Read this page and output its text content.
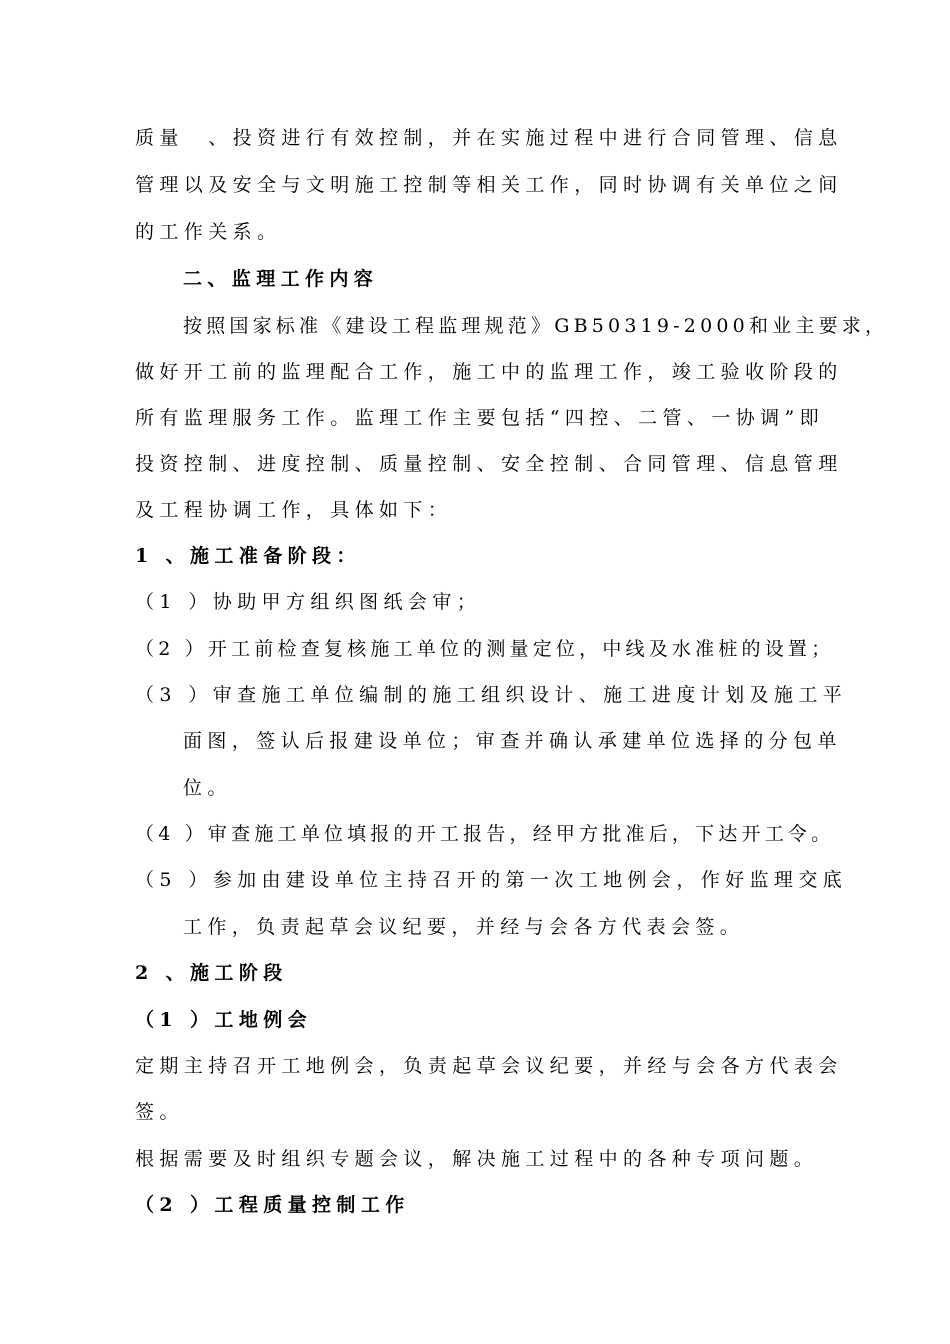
质量　、投资进行有效控制，并在实施过程中进行合同管理、信息
管理以及安全与文明施工控制等相关工作，同时协调有关单位之间
的工作关系。
二、监理工作内容
按照国家标准《建设工程监理规范》GB50319-2000和业主要求，
做好开工前的监理配合工作，施工中的监理工作，竣工验收阶段的
所有监理服务工作。监理工作主要包括“四控、二管、一协调”即
投资控制、进度控制、质量控制、安全控制、合同管理、信息管理
及工程协调工作，具体如下：
1 、施工准备阶段：
（1 ）协助甲方组织图纸会审；
（2 ）开工前检查复核施工单位的测量定位，中线及水准桩的设置；
（3 ）审查施工单位编制的施工组织设计、施工进度计划及施工平
面图，签认后报建设单位；审查并确认承建单位选择的分包单
位。
（4 ）审查施工单位填报的开工报告，经甲方批准后，下达开工令。
（5 ）参加由建设单位主持召开的第一次工地例会，作好监理交底
工作，负责起草会议纪要，并经与会各方代表会签。
2 、施工阶段
（1 ）工地例会
定期主持召开工地例会，负责起草会议纪要，并经与会各方代表会
签。
根据需要及时组织专题会议，解决施工过程中的各种专项问题。
（2 ）工程质量控制工作
